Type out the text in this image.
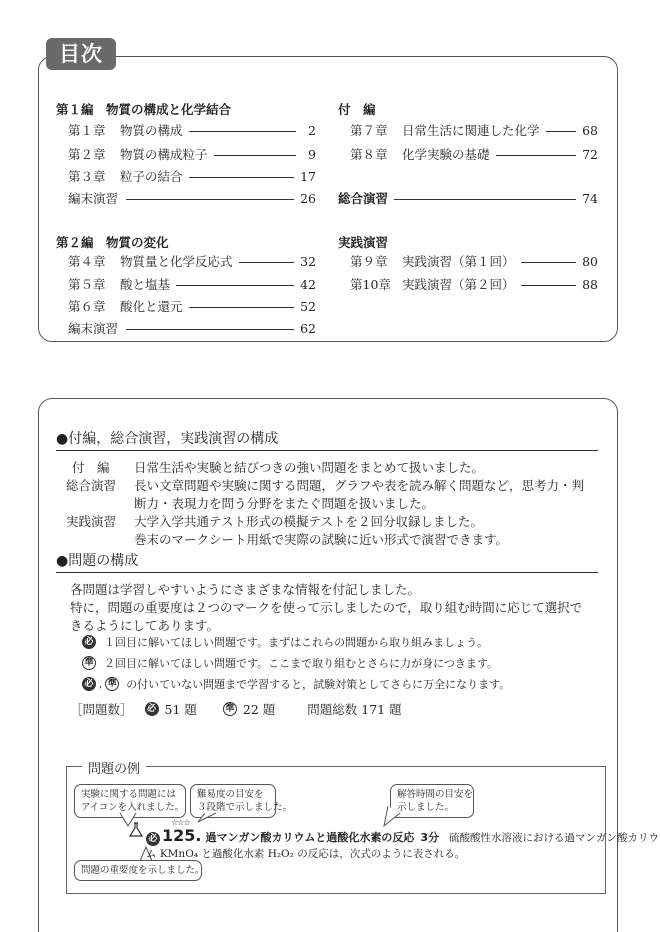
目次
第１編　物質の構成と化学結合
第１章	物質の構成	2
第２章	物質の構成粒子	9
第３章	粒子の結合	17
編末演習	26
第２編　物質の変化
第４章	物質量と化学反応式	32
第５章	酸と塩基	42
第６章	酸化と還元	52
編末演習	62
付　編
第７章	日常生活に関連した化学	68
第８章	化学実験の基礎	72
総合演習	74
実践演習
第９章	実践演習（第１回）	80
第10章 実践演習（第２回）	88
●付編，総合演習，実践演習の構成
付　編 日常生活や実験と結びつきの強い問題をまとめて扱いました。
総合演習 長い文章問題や実験に関する問題，グラフや表を読み解く問題など，思考力・判
断力・表現力を問う分野をまたぐ問題を扱いました。
実践演習 大学入学共通テスト形式の模擬テストを２回分収録しました。
巻末のマークシート用紙で実際の試験に近い形式で演習できます。
●問題の構成
各問題は学習しやすいようにさまざまな情報を付記しました。
特に，問題の重要度は２つのマークを使って示しましたので，取り組む時間に応じて選択で
きるようにしてあります。
必 １回目に解いてほしい問題です。まずはこれらの問題から取り組みましょう。
準 ２回目に解いてほしい問題です。ここまで取り組むとさらに力が身につきます。
必 , 準 の付いていない問題まで学習すると，試験対策としてさらに万全になります。
［問題数］ 必 51 題	準 22 題	問題総数 171 題
問題の例
実験に関する問題には
アイコンを入れました。
難易度の目安を
３段階で示しました。
解答時間の目安を
示しました。
☆☆☆
必 125. 過マンガン酸カリウムと過酸化水素の反応 3分 硫酸酸性水溶液における過マンガン酸カリウ
ム KMnO₄ と過酸化水素 H₂O₂ の反応は，次式のように表される。
問題の重要度を示しました。
